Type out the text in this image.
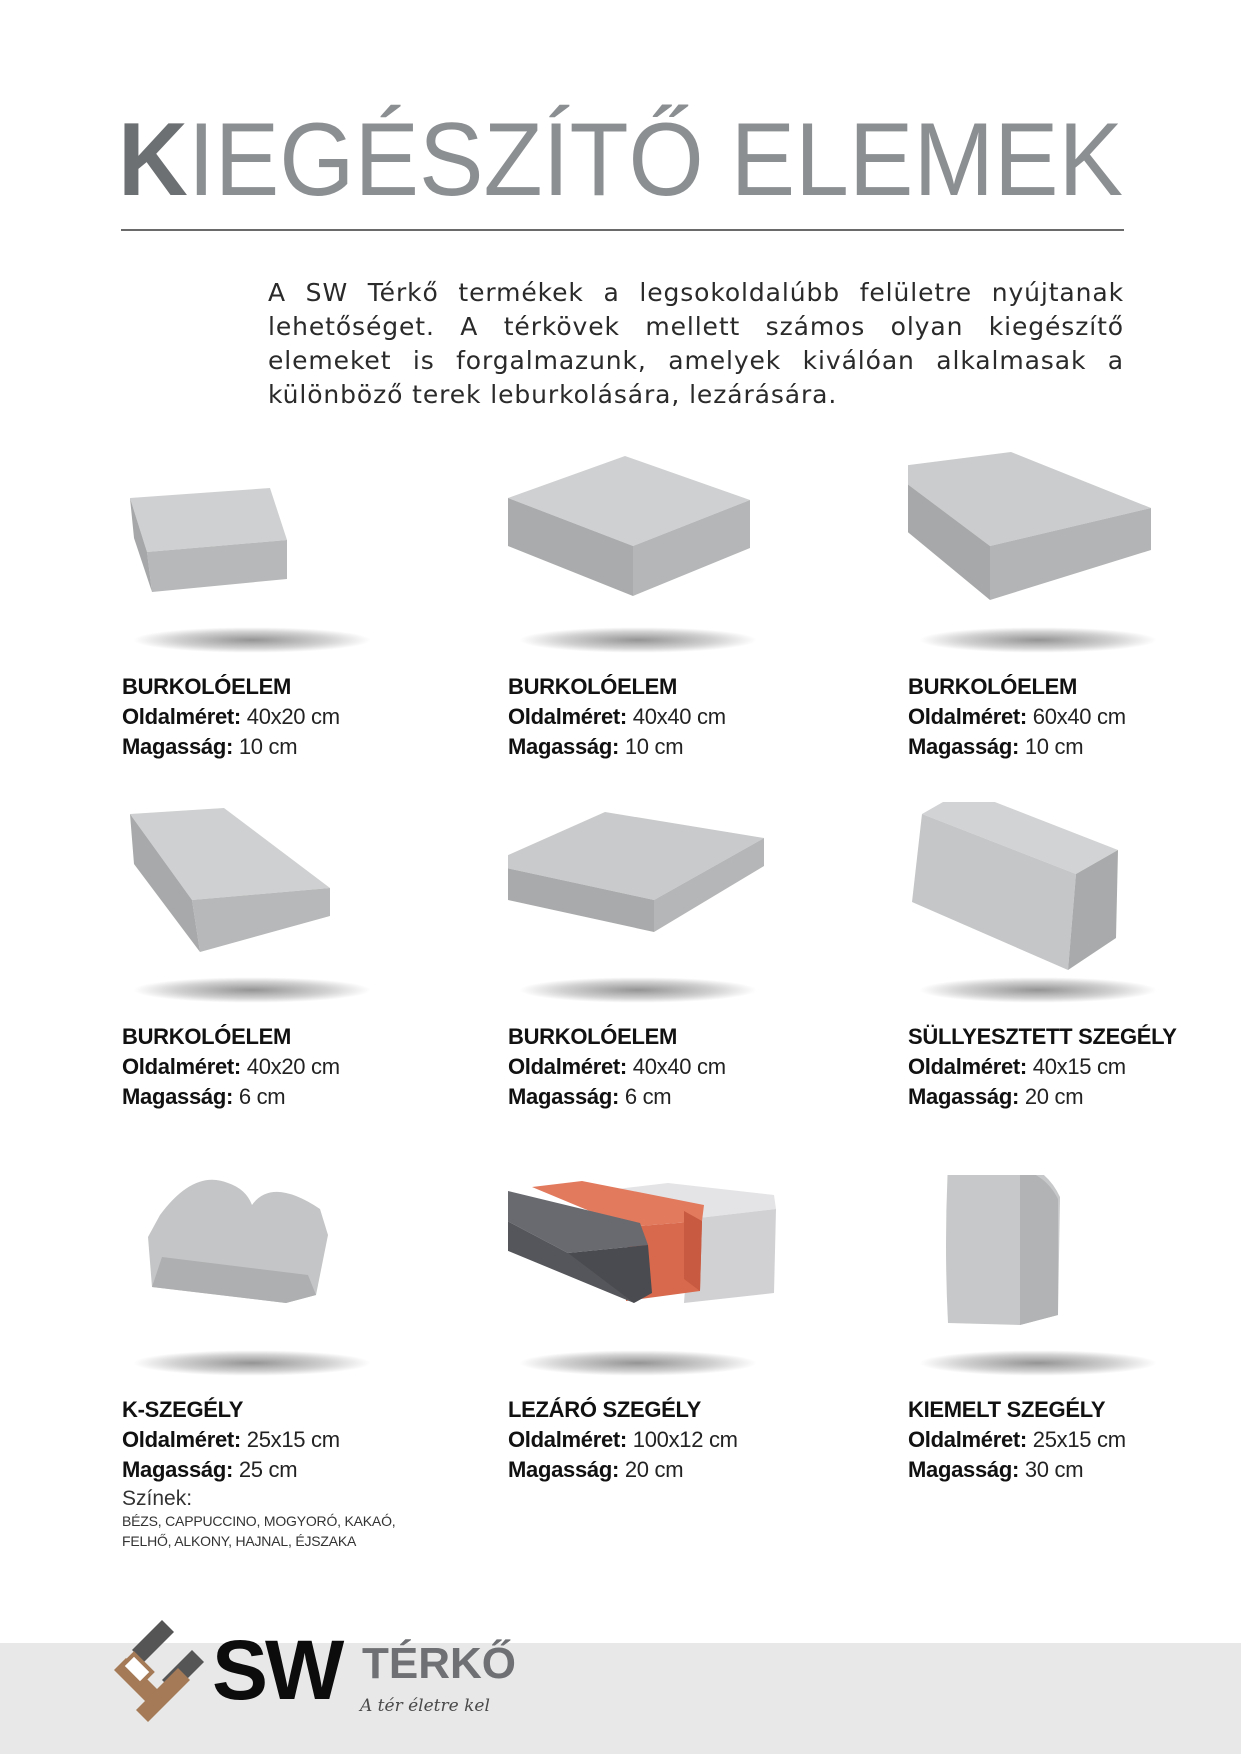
KIEGÉSZÍTŐ ELEMEK

A SW Térkő termékek a legsokoldalúbb felületre nyújtanak lehetőséget. A térkövek mellett számos olyan kiegészítő elemeket is forgalmazunk, amelyek kiválóan alkalmasak a különböző terek leburkolására, lezárására.

BURKOLÓELEM
Oldalméret: 40x20 cm
Magasság: 10 cm
BURKOLÓELEM
Oldalméret: 40x40 cm
Magasság: 10 cm
BURKOLÓELEM
Oldalméret: 60x40 cm
Magasság: 10 cm
BURKOLÓELEM
Oldalméret: 40x20 cm
Magasság: 6 cm
BURKOLÓELEM
Oldalméret: 40x40 cm
Magasság: 6 cm
SÜLLYESZTETT SZEGÉLY
Oldalméret: 40x15 cm
Magasság: 20 cm
K-SZEGÉLY
Oldalméret: 25x15 cm
Magasság: 25 cm
Színek:
BÉZS, CAPPUCCINO, MOGYORÓ, KAKAÓ, FELHŐ, ALKONY, HAJNAL, ÉJSZAKA
LEZÁRÓ SZEGÉLY
Oldalméret: 100x12 cm
Magasság: 20 cm
KIEMELT SZEGÉLY
Oldalméret: 25x15 cm
Magasság: 30 cm
SW TÉRKŐ
A tér életre kel
